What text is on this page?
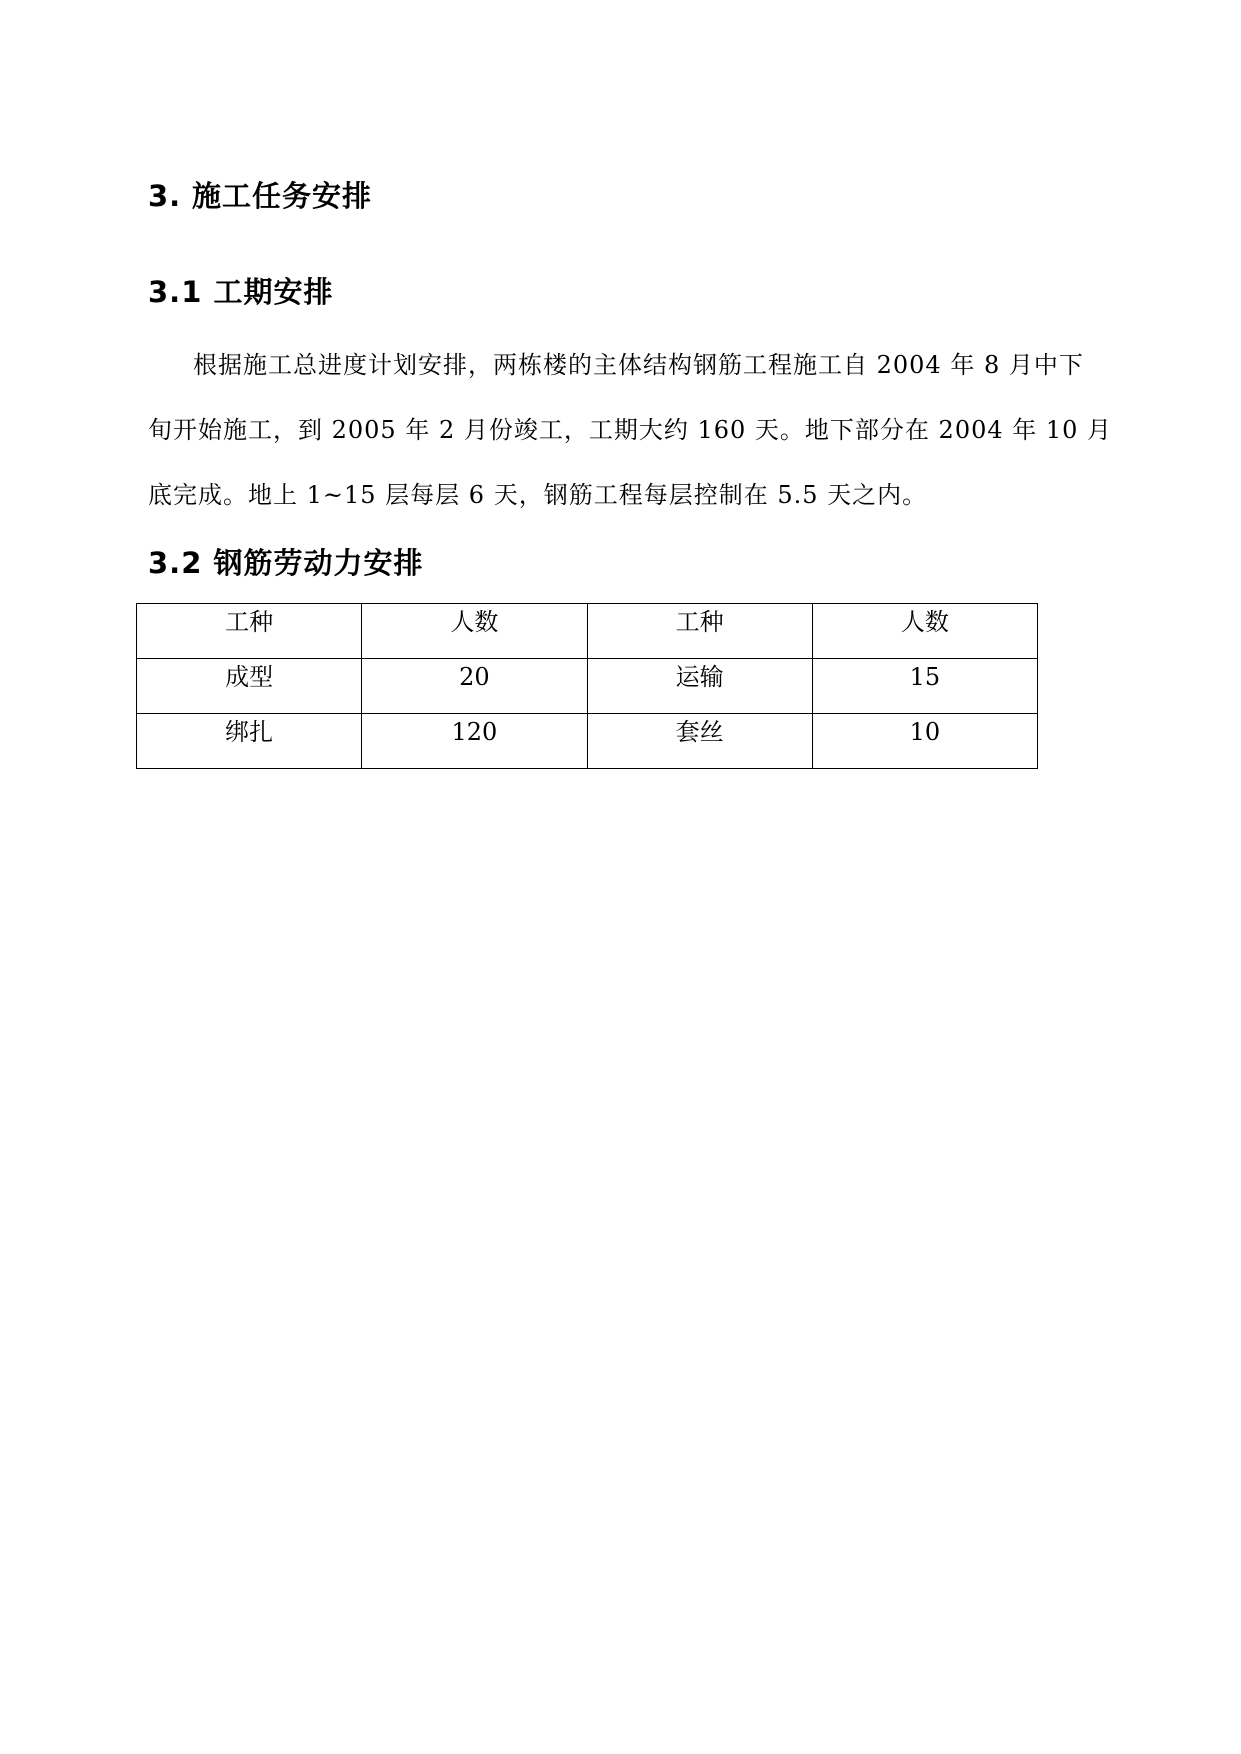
3. 施工任务安排
3.1 工期安排
根据施工总进度计划安排，两栋楼的主体结构钢筋工程施工自 2004 年 8 月中下
旬开始施工，到 2005 年 2 月份竣工，工期大约 160 天。地下部分在 2004 年 10 月
底完成。地上 1~15 层每层 6 天，钢筋工程每层控制在 5.5 天之内。
3.2 钢筋劳动力安排
工种	人数	工种	人数
成型	20	运输	15
绑扎	120	套丝	10
